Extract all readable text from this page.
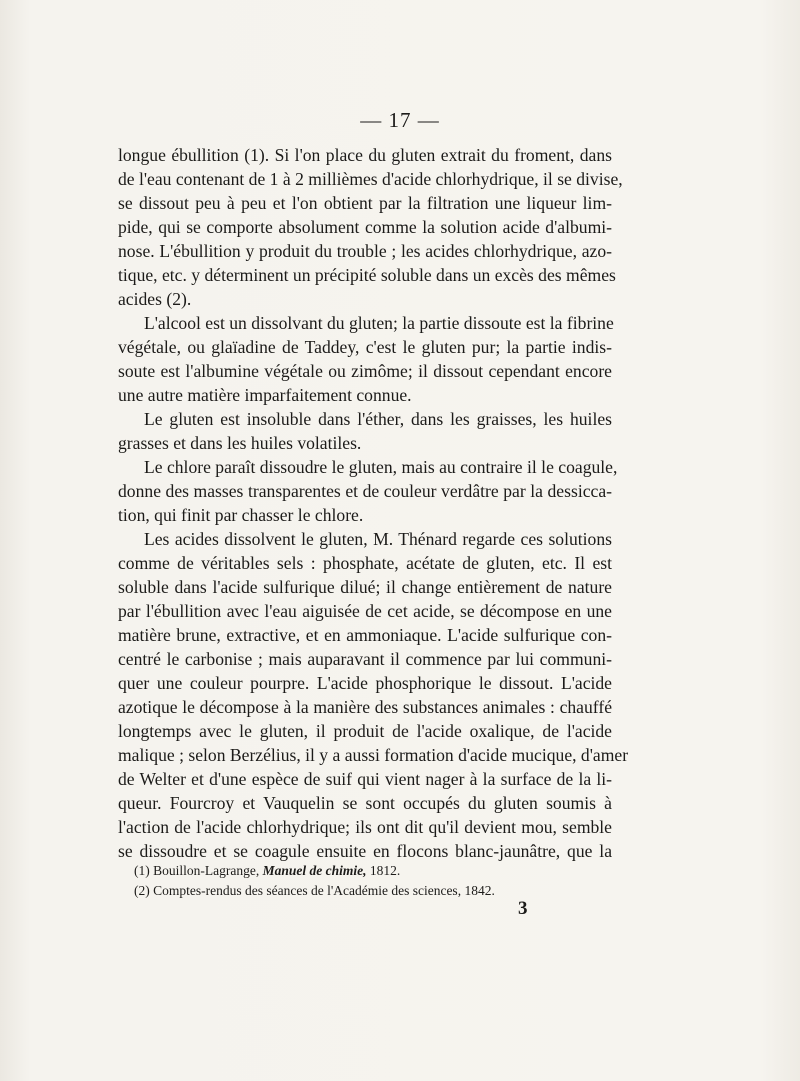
— 17 —
longue ébullition (1). Si l'on place du gluten extrait du froment, dans
de l'eau contenant de 1 à 2 millièmes d'acide chlorhydrique, il se divise,
se dissout peu à peu et l'on obtient par la filtration une liqueur lim-
pide, qui se comporte absolument comme la solution acide d'albumi-
nose. L'ébullition y produit du trouble ; les acides chlorhydrique, azo-
tique, etc. y déterminent un précipité soluble dans un excès des mêmes
acides (2).
L'alcool est un dissolvant du gluten; la partie dissoute est la fibrine
végétale, ou glaïadine de Taddey, c'est le gluten pur; la partie indis-
soute est l'albumine végétale ou zimôme; il dissout cependant encore
une autre matière imparfaitement connue.
Le gluten est insoluble dans l'éther, dans les graisses, les huiles
grasses et dans les huiles volatiles.
Le chlore paraît dissoudre le gluten, mais au contraire il le coagule,
donne des masses transparentes et de couleur verdâtre par la dessicca-
tion, qui finit par chasser le chlore.
Les acides dissolvent le gluten, M. Thénard regarde ces solutions
comme de véritables sels : phosphate, acétate de gluten, etc. Il est
soluble dans l'acide sulfurique dilué; il change entièrement de nature
par l'ébullition avec l'eau aiguisée de cet acide, se décompose en une
matière brune, extractive, et en ammoniaque. L'acide sulfurique con-
centré le carbonise ; mais auparavant il commence par lui communi-
quer une couleur pourpre. L'acide phosphorique le dissout. L'acide
azotique le décompose à la manière des substances animales : chauffé
longtemps avec le gluten, il produit de l'acide oxalique, de l'acide
malique ; selon Berzélius, il y a aussi formation d'acide mucique, d'amer
de Welter et d'une espèce de suif qui vient nager à la surface de la li-
queur. Fourcroy et Vauquelin se sont occupés du gluten soumis à
l'action de l'acide chlorhydrique; ils ont dit qu'il devient mou, semble
se dissoudre et se coagule ensuite en flocons blanc-jaunâtre, que la
(1) Bouillon-Lagrange, Manuel de chimie, 1812.
(2) Comptes-rendus des séances de l'Académie des sciences, 1842.
3
